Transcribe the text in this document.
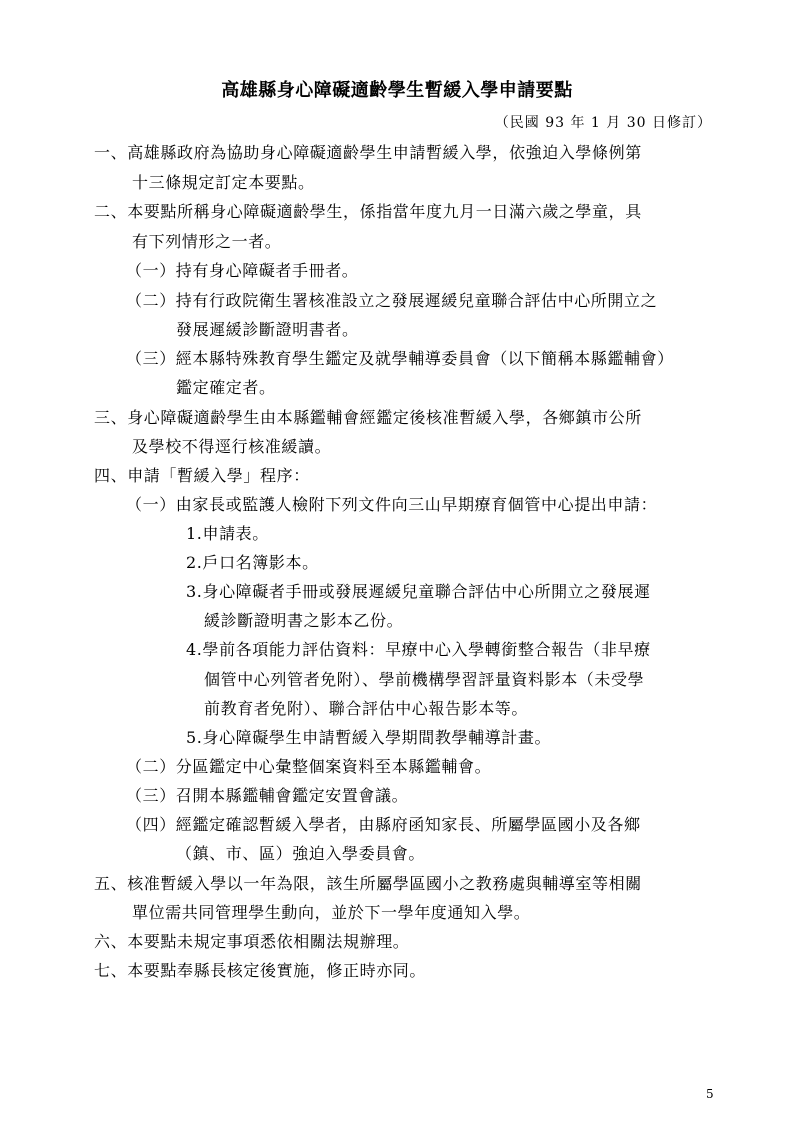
高雄縣身心障礙適齡學生暫緩入學申請要點
（民國 93 年 1 月 30 日修訂）
一、高雄縣政府為協助身心障礙適齡學生申請暫緩入學，依強迫入學條例第
十三條規定訂定本要點。
二、本要點所稱身心障礙適齡學生，係指當年度九月一日滿六歲之學童，具
有下列情形之一者。
（一）持有身心障礙者手冊者。
（二）持有行政院衛生署核准設立之發展遲緩兒童聯合評估中心所開立之
發展遲緩診斷證明書者。
（三）經本縣特殊教育學生鑑定及就學輔導委員會（以下簡稱本縣鑑輔會）
鑑定確定者。
三、身心障礙適齡學生由本縣鑑輔會經鑑定後核准暫緩入學，各鄉鎮市公所
及學校不得逕行核准緩讀。
四、申請「暫緩入學」程序：
（一）由家長或監護人檢附下列文件向三山早期療育個管中心提出申請：
1.申請表。
2.戶口名簿影本。
3.身心障礙者手冊或發展遲緩兒童聯合評估中心所開立之發展遲
緩診斷證明書之影本乙份。
4.學前各項能力評估資料：早療中心入學轉銜整合報告（非早療
個管中心列管者免附）、學前機構學習評量資料影本（未受學
前教育者免附）、聯合評估中心報告影本等。
5.身心障礙學生申請暫緩入學期間教學輔導計畫。
（二）分區鑑定中心彙整個案資料至本縣鑑輔會。
（三）召開本縣鑑輔會鑑定安置會議。
（四）經鑑定確認暫緩入學者，由縣府函知家長、所屬學區國小及各鄉
（鎮、市、區）強迫入學委員會。
五、核准暫緩入學以一年為限，該生所屬學區國小之教務處與輔導室等相關
單位需共同管理學生動向，並於下一學年度通知入學。
六、本要點未規定事項悉依相關法規辦理。
七、本要點奉縣長核定後實施，修正時亦同。
5
